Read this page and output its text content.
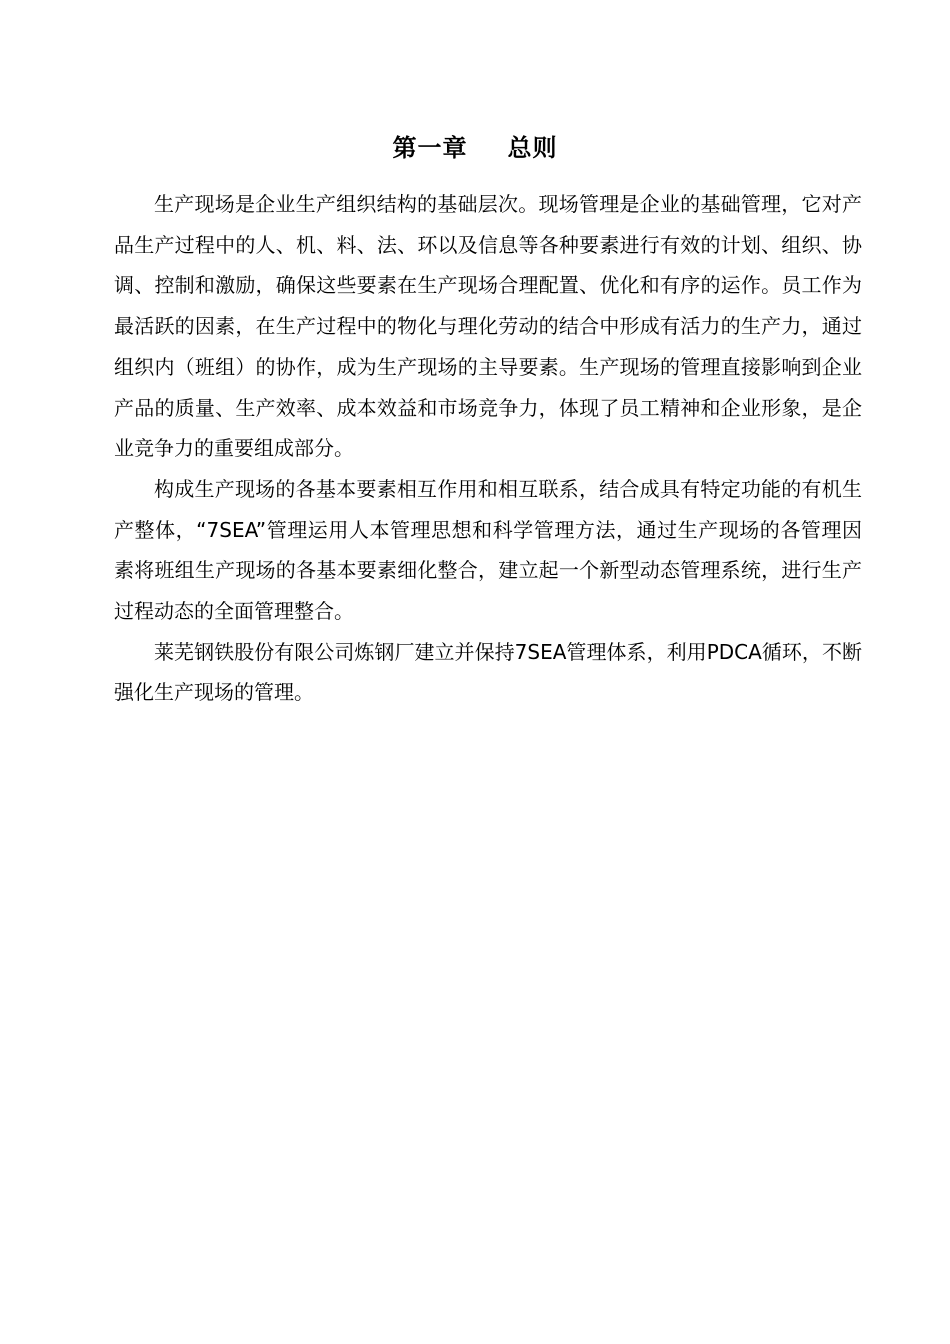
第一章 总则

生产现场是企业生产组织结构的基础层次。现场管理是企业的基础管理，它对产品生产过程中的人、机、料、法、环以及信息等各种要素进行有效的计划、组织、协调、控制和激励，确保这些要素在生产现场合理配置、优化和有序的运作。员工作为最活跃的因素，在生产过程中的物化与理化劳动的结合中形成有活力的生产力，通过组织内（班组）的协作，成为生产现场的主导要素。生产现场的管理直接影响到企业产品的质量、生产效率、成本效益和市场竞争力，体现了员工精神和企业形象，是企业竞争力的重要组成部分。

构成生产现场的各基本要素相互作用和相互联系，结合成具有特定功能的有机生产整体，“7SEA”管理运用人本管理思想和科学管理方法，通过生产现场的各管理因素将班组生产现场的各基本要素细化整合，建立起一个新型动态管理系统，进行生产过程动态的全面管理整合。

莱芜钢铁股份有限公司炼钢厂建立并保持7SEA管理体系，利用PDCA循环，不断强化生产现场的管理。
